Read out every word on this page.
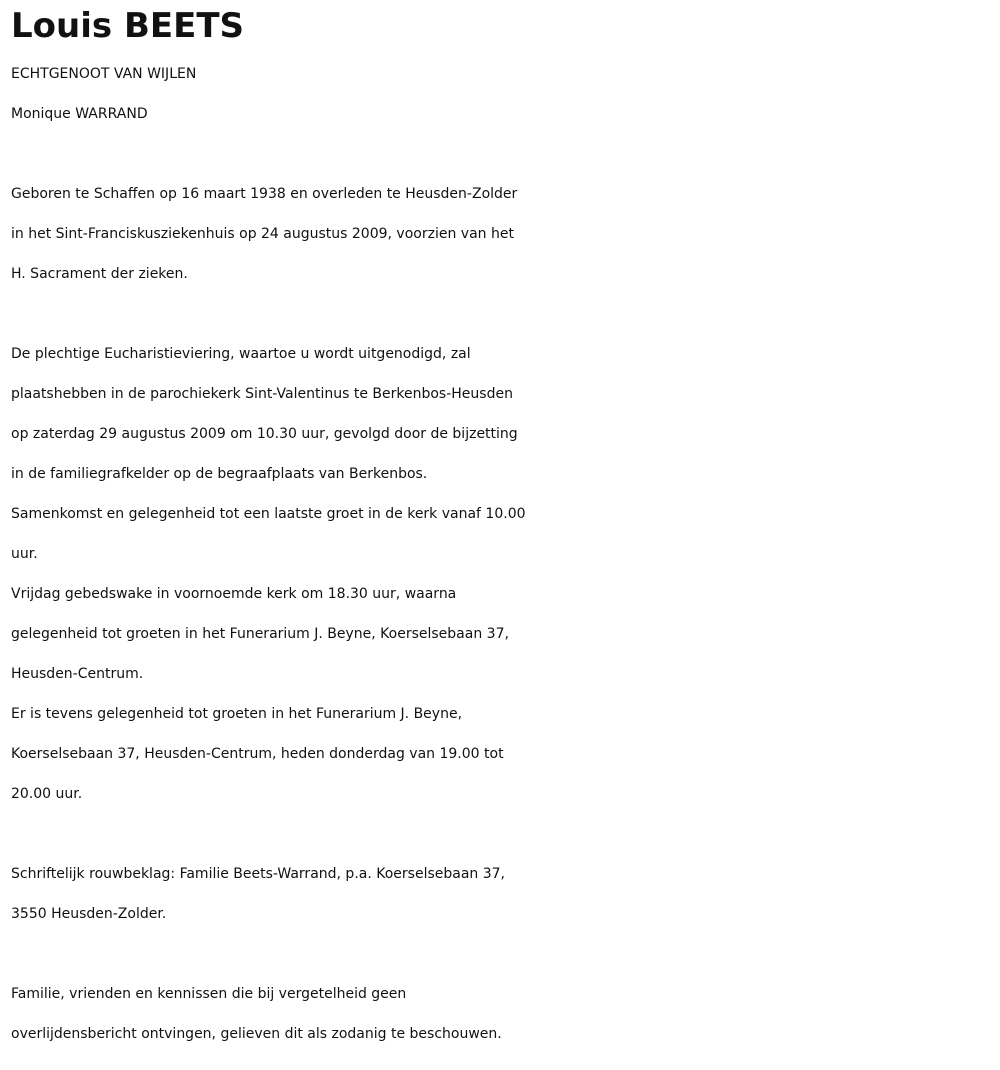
Louis BEETS
ECHTGENOOT VAN WIJLEN
Monique WARRAND
Geboren te Schaffen op 16 maart 1938 en overleden te Heusden-Zolder
in het Sint-Franciskusziekenhuis op 24 augustus 2009, voorzien van het
H. Sacrament der zieken.
De plechtige Eucharistieviering, waartoe u wordt uitgenodigd, zal
plaatshebben in de parochiekerk Sint-Valentinus te Berkenbos-Heusden
op zaterdag 29 augustus 2009 om 10.30 uur, gevolgd door de bijzetting
in de familiegrafkelder op de begraafplaats van Berkenbos.
Samenkomst en gelegenheid tot een laatste groet in de kerk vanaf 10.00
uur.
Vrijdag gebedswake in voornoemde kerk om 18.30 uur, waarna
gelegenheid tot groeten in het Funerarium J. Beyne, Koerselsebaan 37,
Heusden-Centrum.
Er is tevens gelegenheid tot groeten in het Funerarium J. Beyne,
Koerselsebaan 37, Heusden-Centrum, heden donderdag van 19.00 tot
20.00 uur.
Schriftelijk rouwbeklag: Familie Beets-Warrand, p.a. Koerselsebaan 37,
3550 Heusden-Zolder.
Familie, vrienden en kennissen die bij vergetelheid geen
overlijdensbericht ontvingen, gelieven dit als zodanig te beschouwen.
